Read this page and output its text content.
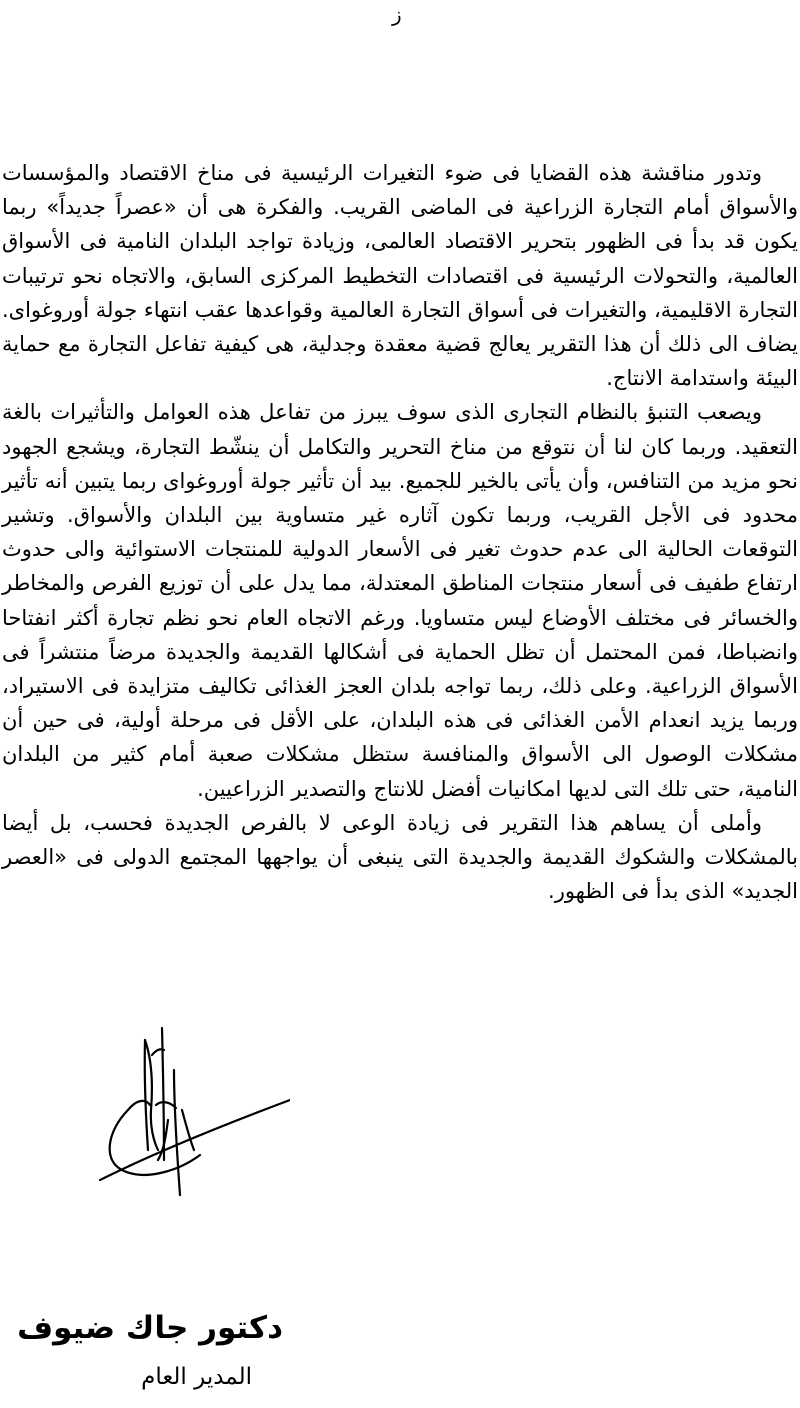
ز

وتدور مناقشة هذه القضايا فى ضوء التغيرات الرئيسية فى مناخ الاقتصاد والمؤسسات والأسواق أمام التجارة الزراعية فى الماضى القريب. والفكرة هى أن «عصراً جديداً» ربما يكون قد بدأ فى الظهور بتحرير الاقتصاد العالمى، وزيادة تواجد البلدان النامية فى الأسواق العالمية، والتحولات الرئيسية فى اقتصادات التخطيط المركزى السابق، والاتجاه نحو ترتيبات التجارة الاقليمية، والتغيرات فى أسواق التجارة العالمية وقواعدها عقب انتهاء جولة أوروغواى. يضاف الى ذلك أن هذا التقرير يعالج قضية معقدة وجدلية، هى كيفية تفاعل التجارة مع حماية البيئة واستدامة الانتاج.

ويصعب التنبؤ بالنظام التجارى الذى سوف يبرز من تفاعل هذه العوامل والتأثيرات بالغة التعقيد. وربما كان لنا أن نتوقع من مناخ التحرير والتكامل أن ينشّط التجارة، ويشجع الجهود نحو مزيد من التنافس، وأن يأتى بالخير للجميع. بيد أن تأثير جولة أوروغواى ربما يتبين أنه تأثير محدود فى الأجل القريب، وربما تكون آثاره غير متساوية بين البلدان والأسواق. وتشير التوقعات الحالية الى عدم حدوث تغير فى الأسعار الدولية للمنتجات الاستوائية والى حدوث ارتفاع طفيف فى أسعار منتجات المناطق المعتدلة، مما يدل على أن توزيع الفرص والمخاطر والخسائر فى مختلف الأوضاع ليس متساويا. ورغم الاتجاه العام نحو نظم تجارة أكثر انفتاحا وانضباطا، فمن المحتمل أن تظل الحماية فى أشكالها القديمة والجديدة مرضاً منتشراً فى الأسواق الزراعية. وعلى ذلك، ربما تواجه بلدان العجز الغذائى تكاليف متزايدة فى الاستيراد، وربما يزيد انعدام الأمن الغذائى فى هذه البلدان، على الأقل فى مرحلة أولية، فى حين أن مشكلات الوصول الى الأسواق والمنافسة ستظل مشكلات صعبة أمام كثير من البلدان النامية، حتى تلك التى لديها امكانيات أفضل للانتاج والتصدير الزراعيين.

وأملى أن يساهم هذا التقرير فى زيادة الوعى لا بالفرص الجديدة فحسب، بل أيضا بالمشكلات والشكوك القديمة والجديدة التى ينبغى أن يواجهها المجتمع الدولى فى «العصر الجديد» الذى بدأ فى الظهور.

دكتور جاك ضيوف
المدير العام
